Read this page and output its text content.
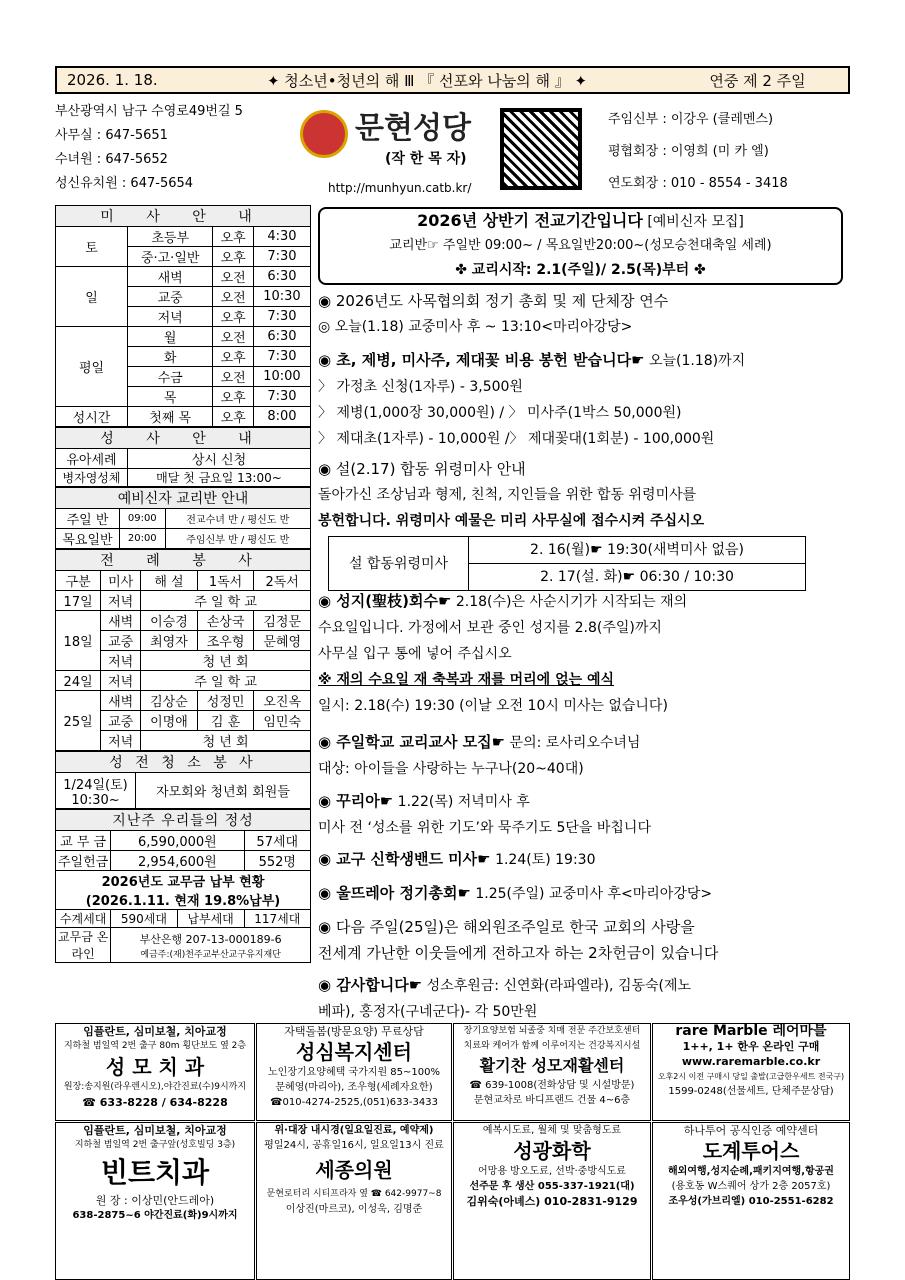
2026. 1. 18.	✦ 청소년•청년의 해 Ⅲ 『 선포와 나눔의 해 』 ✦	연중 제 2 주일
부산광역시 남구 수영로49번길 5
사무실 : 647-5651
수녀원 : 647-5652
성신유치원 : 647-5654
문현성당
(작 한 목 자)
http://munhyun.catb.kr/
주임신부 : 이강우 (클레멘스)
평협회장 : 이영희 (미 카 엘)
연도회장 : 010 - 8554 - 3418
미 사 안 내			
토	초등부	오후	4:30
	중·고·일반	오후	7:30
일	새벽	오전	6:30
	교중	오전	10:30
	저녁	오후	7:30
평일	월	오전	6:30
	화	오후	7:30
	수금	오전	10:00
	목	오후	7:30
성시간	첫째 목	오후	8:00
성 사 안 내	
유아세례	상시 신청
병자영성체	매달 첫 금요일 13:00~
예비신자 교리반 안내		
주일 반	09:00	전교수녀 반 / 평신도 반
목요일반	20:00	주임신부 반 / 평신도 반
전 례 봉 사				
구분	미사	해 설	1독서	2독서
17일	저녁	주 일 학 교		
18일	새벽	이승경	손상국	김정문
	교중	최영자	조우형	문혜영
	저녁	청 년 회		
24일	저녁	주 일 학 교		
25일	새벽	김상순	성정민	오진옥
	교중	이명애	김 훈	임민숙
	저녁	청 년 회		
성 전 청 소 봉 사
1/24일(토) 10:30~	자모회와 청년회 회원들
지난주 우리들의 정성			
교 무 금	6,590,000원		57세대
주일헌금	2,954,600원		552명
2026년도 교무금 납부 현황 (2026.1.11. 현재 19.8%납부)			
수계세대	590세대	납부세대	117세대
교무금 온라인	부산은행 207-13-000189-6
예금주:(재)천주교부산교구유지재단		
2026년 상반기 전교기간입니다 [예비신자 모집]
교리반☞ 주일반 09:00~ / 목요일반20:00~(성모승천대축일 세례)
✤ 교리시작: 2.1(주일)/ 2.5(목)부터 ✤
◉ 2026년도 사목협의회 정기 총회 및 제 단체장 연수
◎ 오늘(1.18) 교중미사 후 ~ 13:10<마리아강당>
◉ 초, 제병, 미사주, 제대꽃 비용 봉헌 받습니다☛ 오늘(1.18)까지
〉 가정초 신청(1자루) - 3,500원
〉 제병(1,000장 30,000원) / 〉 미사주(1박스 50,000원)
〉 제대초(1자루) - 10,000원 /〉 제대꽃대(1회분) - 100,000원
◉ 설(2.17) 합동 위령미사 안내
돌아가신 조상님과 형제, 친척, 지인들을 위한 합동 위령미사를
봉헌합니다. 위령미사 예물은 미리 사무실에 접수시켜 주십시오
설 합동위령미사	2. 16(월)☛ 19:30(새벽미사 없음)
2. 17(설. 화)☛ 06:30 / 10:30
◉ 성지(聖枝)회수☛ 2.18(수)은 사순시기가 시작되는 재의
수요일입니다. 가정에서 보관 중인 성지를 2.8(주일)까지
사무실 입구 통에 넣어 주십시오
※ 재의 수요일 재 축복과 재를 머리에 얹는 예식
일시: 2.18(수) 19:30 (이날 오전 10시 미사는 없습니다)
◉ 주일학교 교리교사 모집☛ 문의: 로사리오수녀님
대상: 아이들을 사랑하는 누구나(20~40대)
◉ 꾸리아☛ 1.22(목) 저녁미사 후
미사 전 ‘성소를 위한 기도’와 묵주기도 5단을 바칩니다
◉ 교구 신학생밴드 미사☛ 1.24(토) 19:30
◉ 울뜨레아 정기총회☛ 1.25(주일) 교중미사 후<마리아강당>
◉ 다음 주일(25일)은 해외원조주일로 한국 교회의 사랑을
전세계 가난한 이웃들에게 전하고자 하는 2차헌금이 있습니다
◉ 감사합니다☛ 성소후원금: 신연화(라파엘라), 김동숙(제노
베파), 홍정자(구네군다)- 각 50만원
임플란트, 심미보철, 치아교정
지하철 범일역 2번 출구 80m 횡단보도 옆 2층
성 모 치 과
원장:송지원(라우렌시오),야간진료(수)9시까지
☎ 633-8228 / 634-8228
자택돌봄(방문요양) 무료상담
성심복지센터
노인장기요양혜택 국가지원 85~100%
문혜영(마리아), 조우형(세례자요한)
☎010-4274-2525,(051)633-3433
장기요양보험 뇌졸중 치매 전문 주간보호센터
치료와 케어가 함께 이루어지는 건강복지시설
활기찬 성모재활센터
☎ 639-1008(전화상담 및 시설방문)
문현교차로 바디프랜드 건물 4~6층
rare Marble 레어마블
1++, 1+ 한우 온라인 구매
www.raremarble.co.kr
오후2시 이전 구매시 당일 출발(고급한우세트 전국구)
1599-0248(선물세트, 단체주문상담)
임플란트, 심미보철, 치아교정
지하철 범일역 2번 출구앞(성호빌딩 3층)
빈트치과
원 장 : 이상민(안드레아)
638-2875~6 야간진료(화)9시까지
위·대장 내시경(일요일진료, 예약제)
평일24시, 공휴일16시, 일요일13시 진료
세종의원
문현로터리 시티프라자 옆 ☎ 642-9977~8
이상진(마르코), 이성욱, 김명준
예복시도료, 월체 및 맞춤형도료
성광화학
어망용 방오도료, 선박·중방식도료
선주문 후 생산 055-337-1921(대)
김위숙(아녜스) 010-2831-9129
하나투어 공식인증 예약센터
도계투어스
해외여행,성지순례,패키지여행,항공권
(용호동 W스퀘어 상가 2층 2057호)
조우성(가브리엘) 010-2551-6282
